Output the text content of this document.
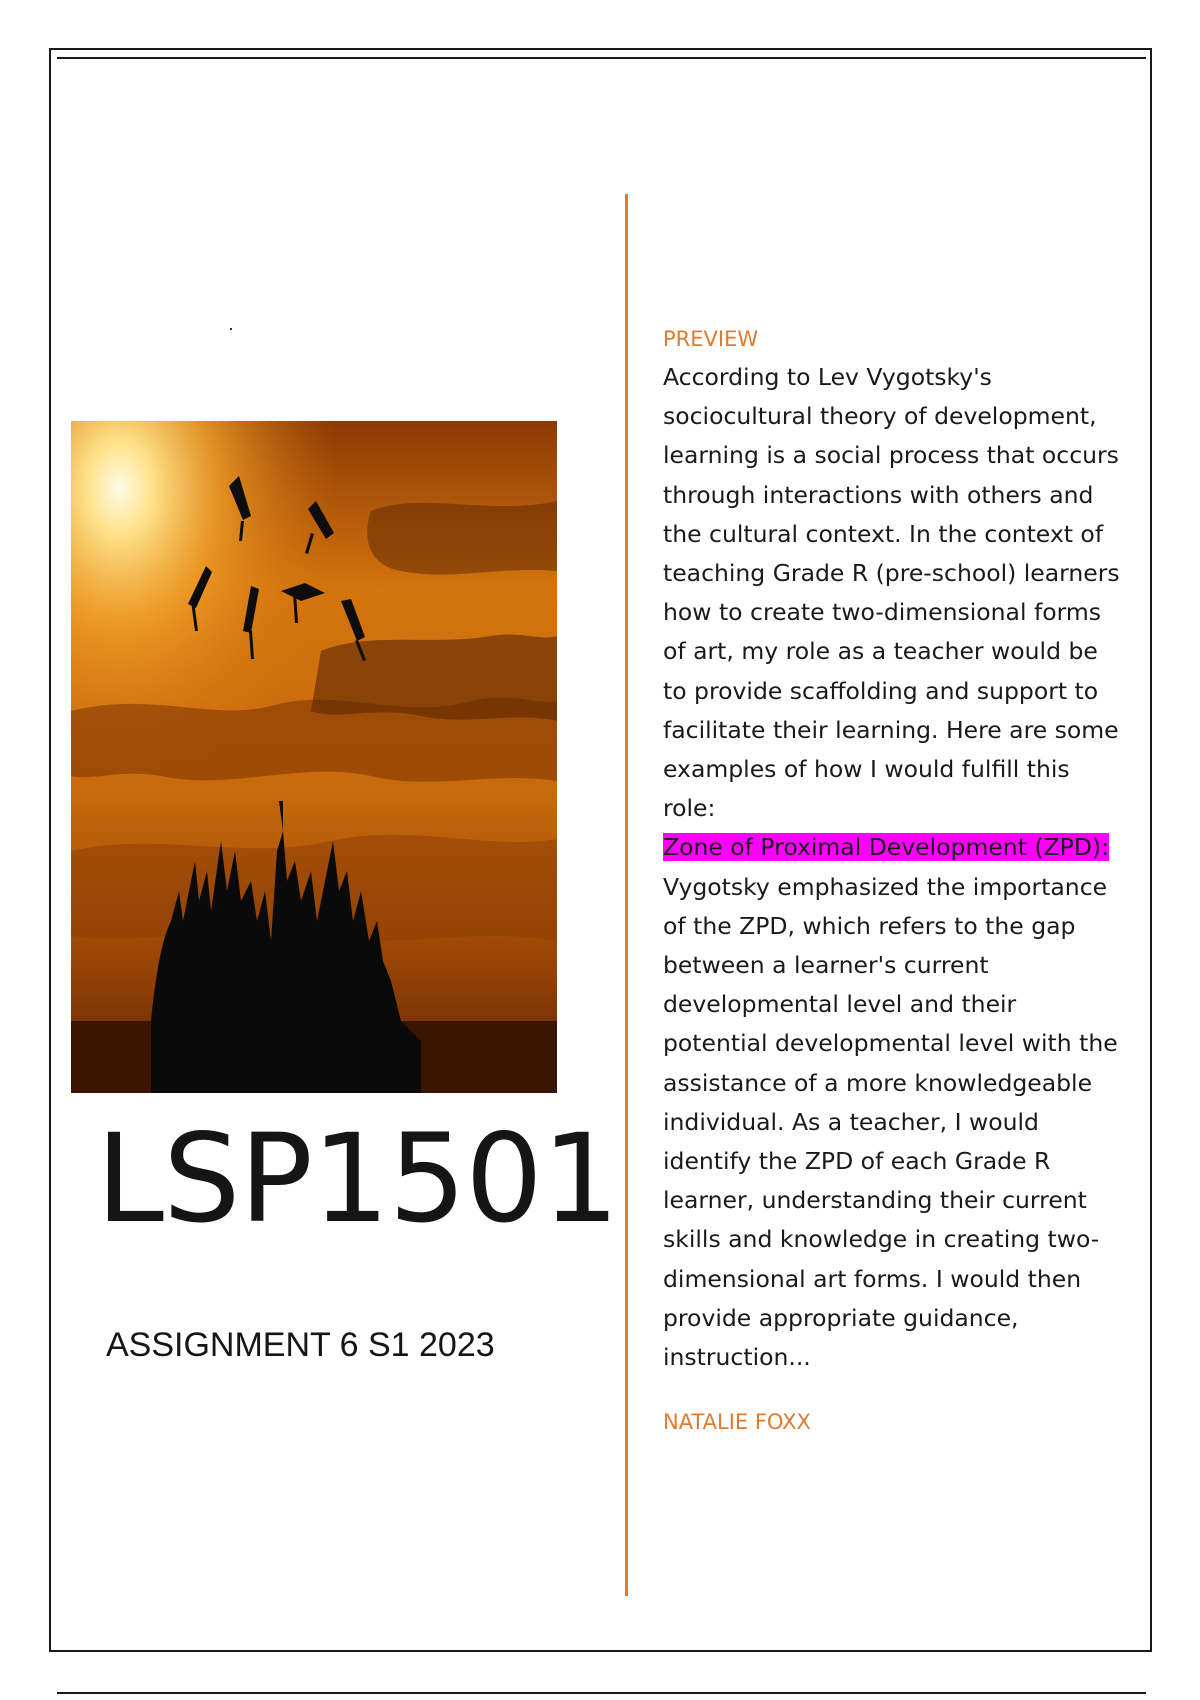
LSP1501
ASSIGNMENT 6 S1 2023
PREVIEW
According to Lev Vygotsky's
sociocultural theory of development,
learning is a social process that occurs
through interactions with others and
the cultural context. In the context of
teaching Grade R (pre-school) learners
how to create two-dimensional forms
of art, my role as a teacher would be
to provide scaffolding and support to
facilitate their learning. Here are some
examples of how I would fulfill this
role:
Zone of Proximal Development (ZPD):
Vygotsky emphasized the importance
of the ZPD, which refers to the gap
between a learner's current
developmental level and their
potential developmental level with the
assistance of a more knowledgeable
individual. As a teacher, I would
identify the ZPD of each Grade R
learner, understanding their current
skills and knowledge in creating two-
dimensional art forms. I would then
provide appropriate guidance,
instruction...
NATALIE FOXX
